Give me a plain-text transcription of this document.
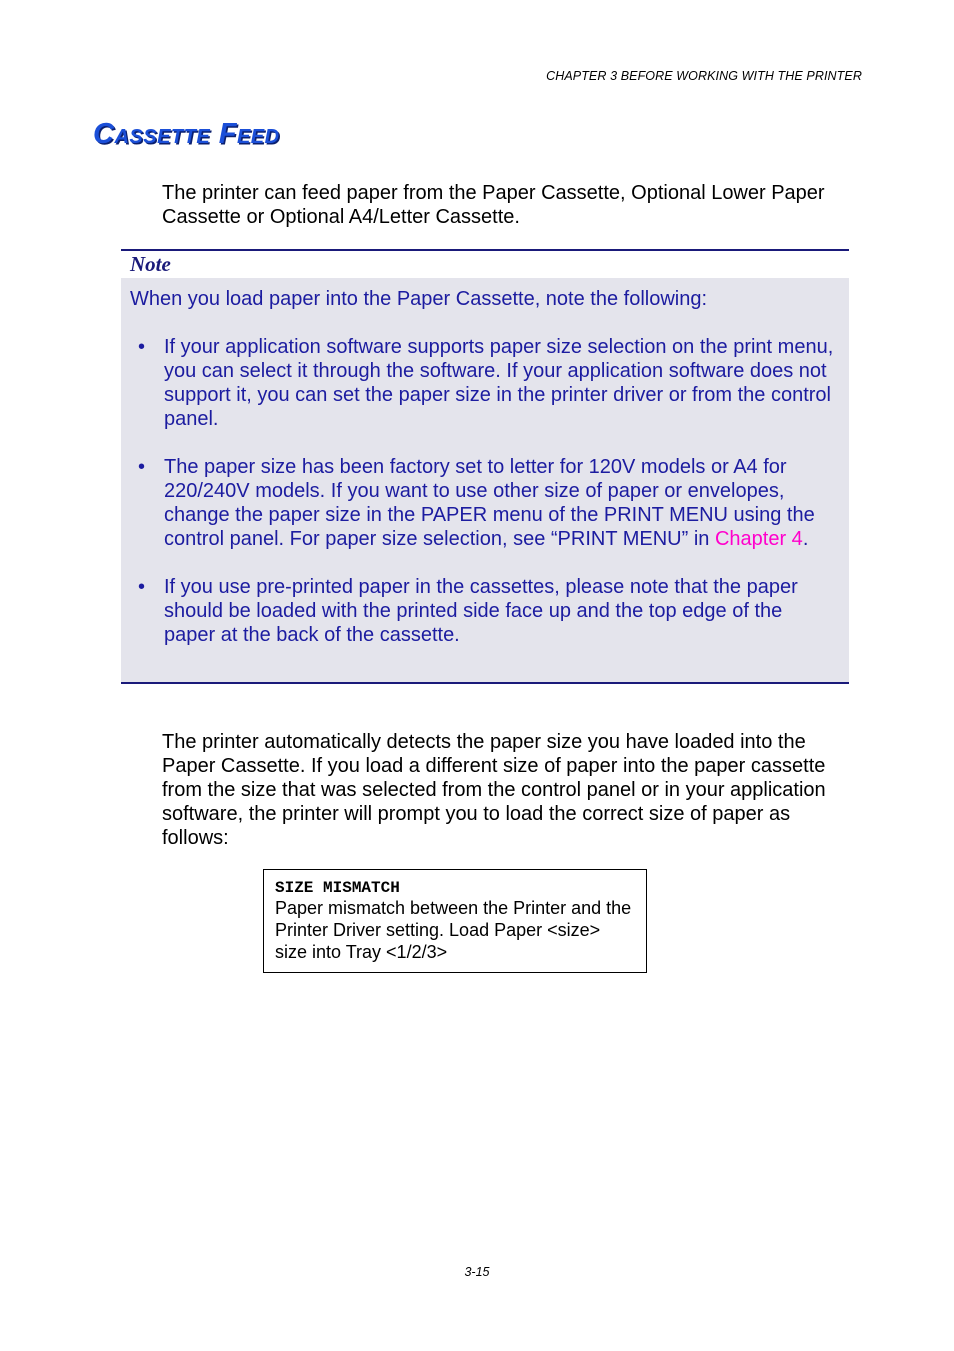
CHAPTER 3 BEFORE WORKING WITH THE PRINTER
Cassette Feed

The printer can feed paper from the Paper Cassette, Optional Lower Paper Cassette or Optional A4/Letter Cassette.

Note

When you load paper into the Paper Cassette, note the following:

• If your application software supports paper size selection on the print menu, you can select it through the software. If your application software does not support it, you can set the paper size in the printer driver or from the control panel.
• The paper size has been factory set to letter for 120V models or A4 for 220/240V models. If you want to use other size of paper or envelopes, change the paper size in the PAPER menu of the PRINT MENU using the control panel. For paper size selection, see “PRINT MENU” in Chapter 4.
• If you use pre-printed paper in the cassettes, please note that the paper should be loaded with the printed side face up and the top edge of the paper at the back of the cassette.

The printer automatically detects the paper size you have loaded into the Paper Cassette. If you load a different size of paper into the paper cassette from the size that was selected from the control panel or in your application software, the printer will prompt you to load the correct size of paper as follows:

SIZE MISMATCH
Paper mismatch between the Printer and the Printer Driver setting. Load Paper <size> size into Tray <1/2/3>
3-15
